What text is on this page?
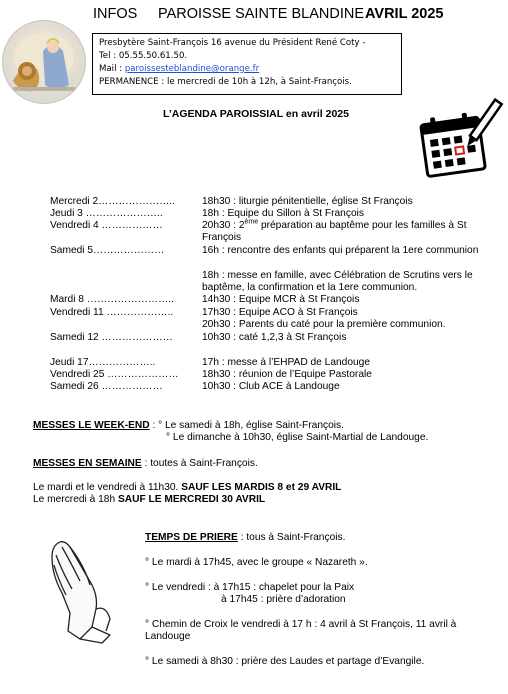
INFOS PAROISSE SAINTE BLANDINE AVRIL 2025
Presbytère Saint-François 16 avenue du Président René Coty -
Tel : 05.55.50.61.50.
Mail : paroissesteblandine@orange.fr
PERMANENCE : le mercredi de 10h à 12h, à Saint-François.
L’AGENDA PAROISSIAL en avril 2025
Mercredi 2…………………..	18h30 : liturgie pénitentielle, église St François
Jeudi 3 …………………..	18h : Equipe du Sillon à St François
Vendredi 4 ………………	20h30 : 2ème préparation au baptême pour les familles à St François
Samedi 5…………………	16h : rencontre des enfants qui préparent la 1ere communion
18h : messe en famille, avec Célébration de Scrutins vers le baptême, la confirmation et la 1ere communion.
Mardi 8 ……………………..	14h30 : Equipe MCR à St François
Vendredi 11 ………………..	17h30 : Equipe ACO à St François
20h30 : Parents du caté pour la première communion.
Samedi 12 …………………	10h30 : caté 1,2,3 à St François
Jeudi 17………………..	17h : messe à l’EHPAD de Landouge
Vendredi 25 ………………… 18h30 : réunion de l’Equipe Pastorale
Samedi 26 ………………	10h30 : Club ACE à Landouge
MESSES LE WEEK-END : ° Le samedi à 18h, église Saint-François.
° Le dimanche à 10h30, église Saint-Martial de Landouge.
MESSES EN SEMAINE : toutes à Saint-François.
Le mardi et le vendredi à 11h30. SAUF LES MARDIS 8 et 29 AVRIL
Le mercredi à 18h SAUF LE MERCREDI 30 AVRIL
TEMPS DE PRIERE : tous à Saint-François.
° Le mardi à 17h45, avec le groupe « Nazareth ».
° Le vendredi : à 17h15 : chapelet pour la Paix
à 17h45 : prière d’adoration
° Chemin de Croix le vendredi à 17 h : 4 avril à St François, 11 avril à
Landouge
° Le samedi à 8h30 : prière des Laudes et partage d’Evangile.
